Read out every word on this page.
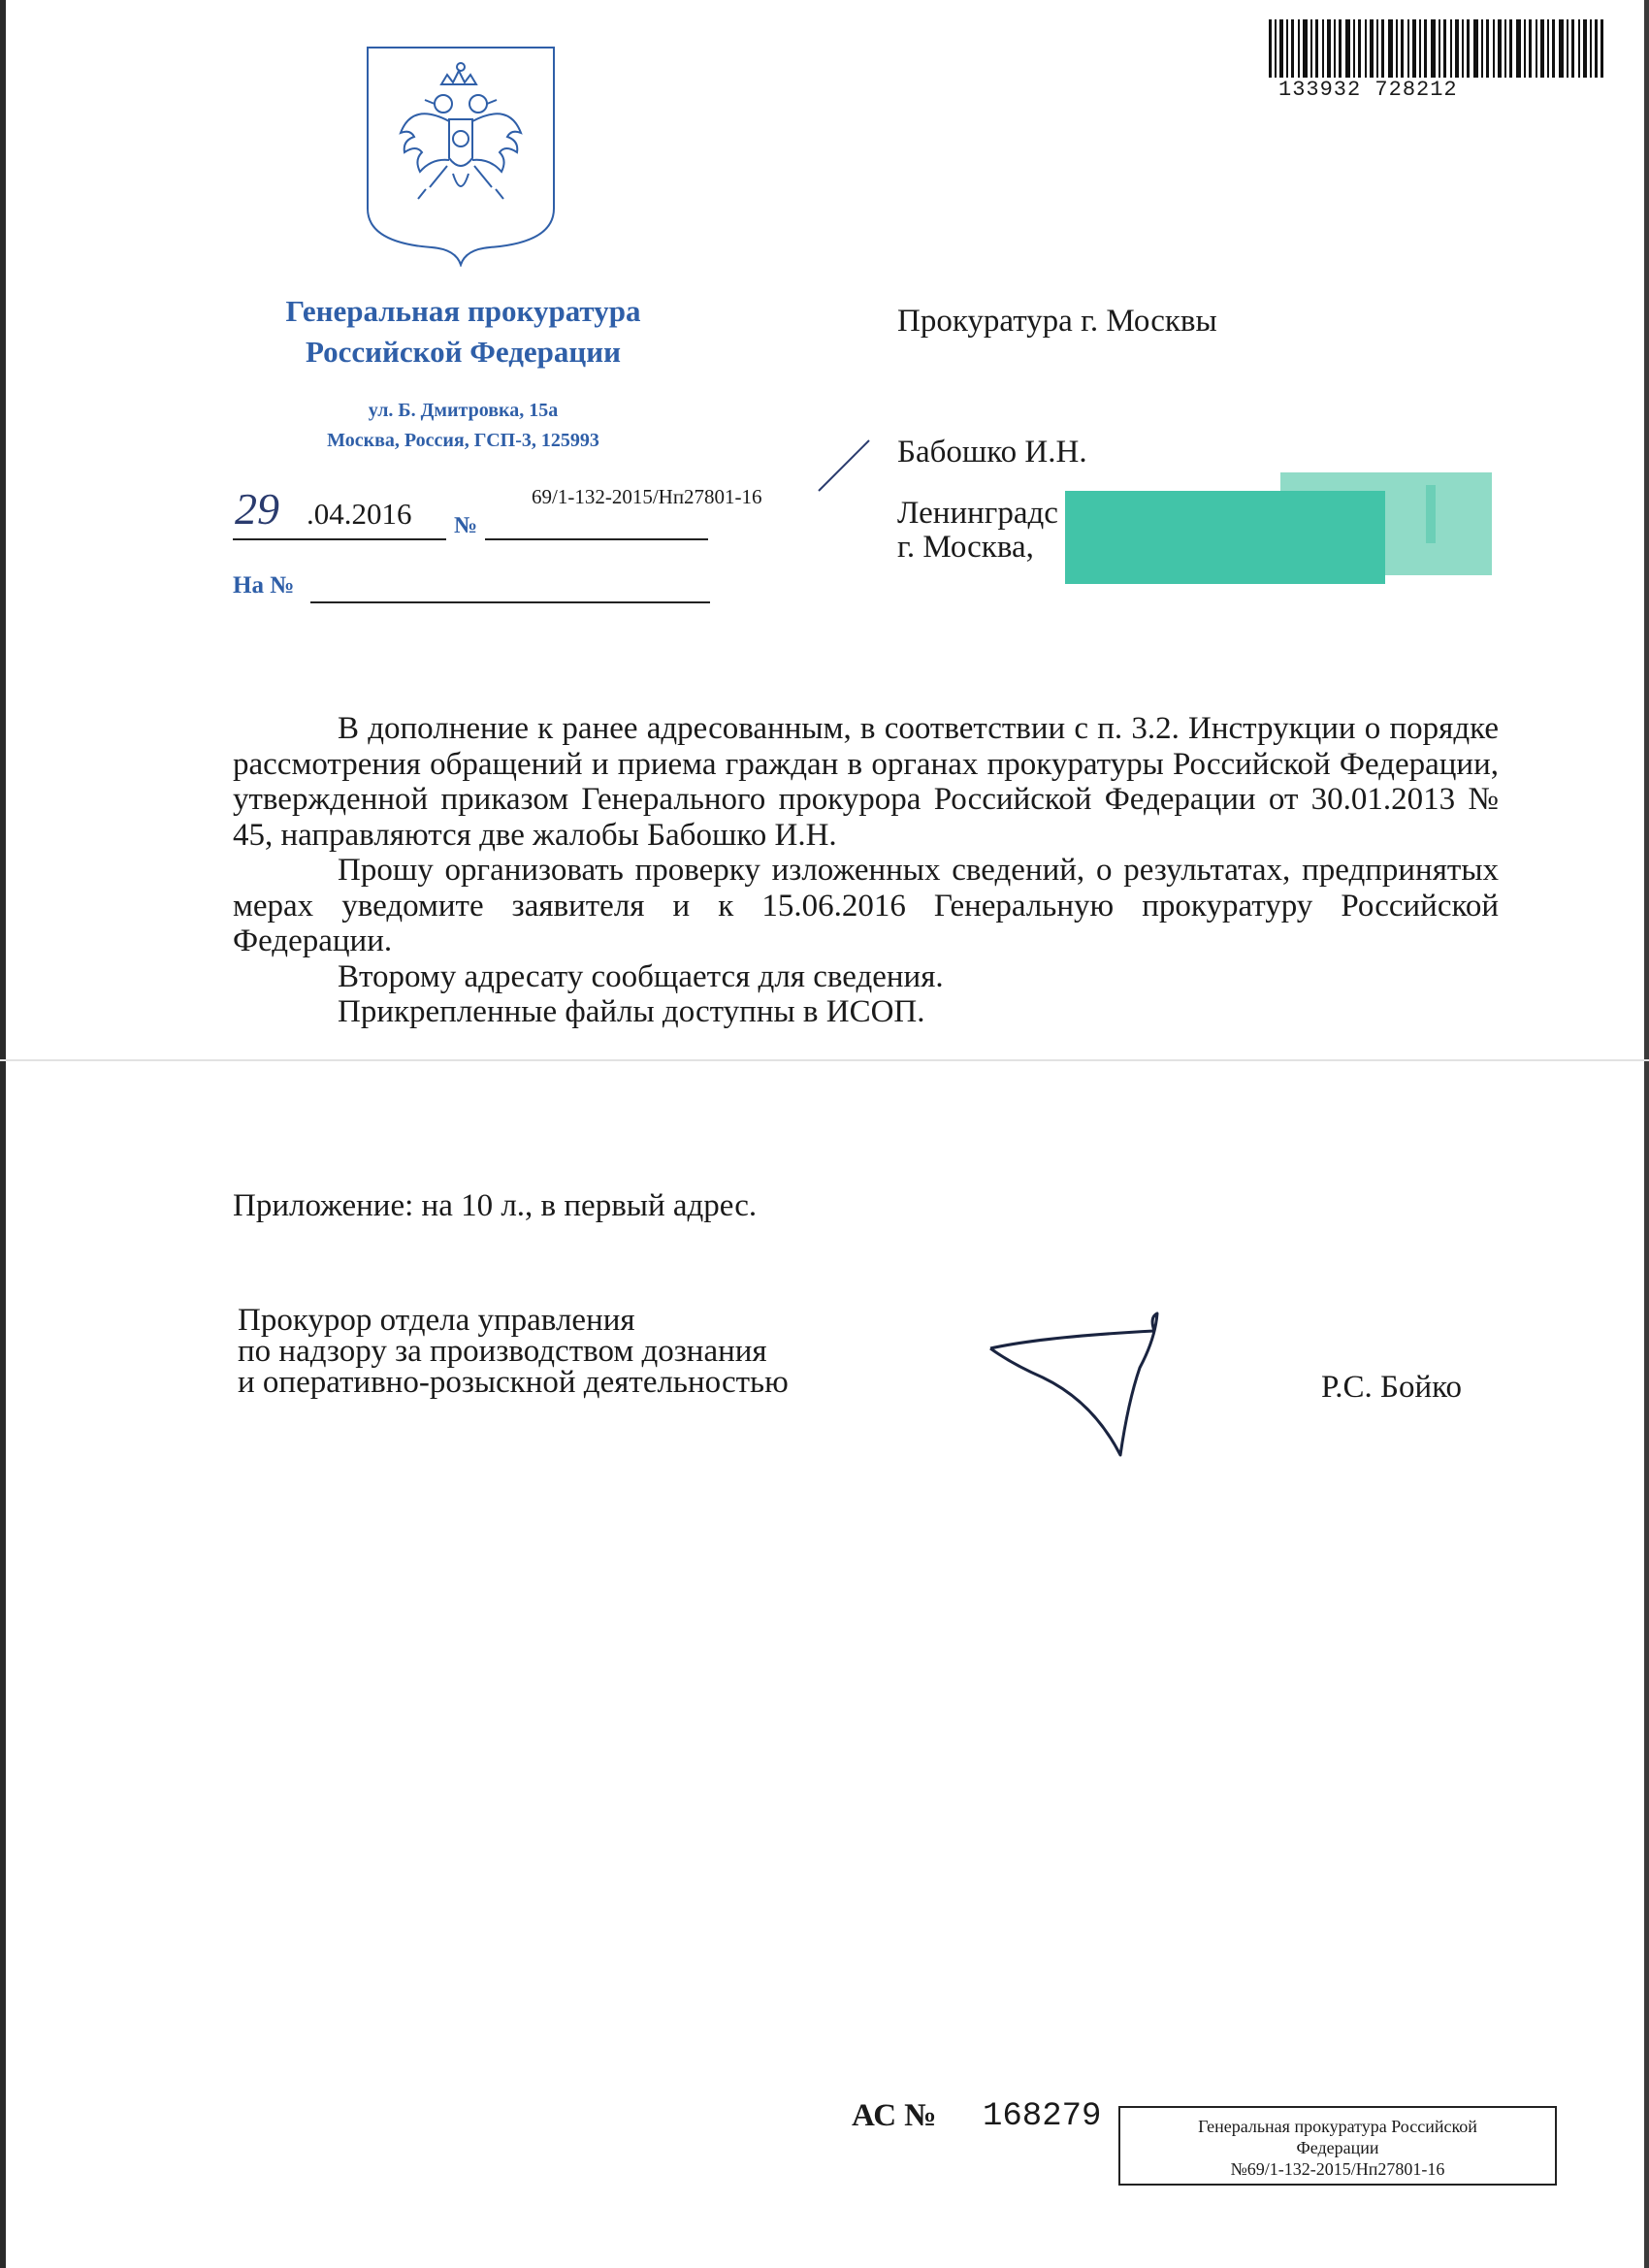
133932 728212
Генеральная прокуратура
Российской Федерации
ул. Б. Дмитровка, 15а
Москва, Россия, ГСП-3, 125993
29 .04.2016 №
69/1-132-2015/Нп27801-16
На №
Прокуратура г. Москвы
Бабошко И.Н.
Ленинградс
г. Москва,

В дополнение к ранее адресованным, в соответствии с п. 3.2. Инструкции о порядке рассмотрения обращений и приема граждан в органах прокуратуры Российской Федерации, утвержденной приказом Генерального прокурора Российской Федерации от 30.01.2013 № 45, направляются две жалобы Бабошко И.Н.

Прошу организовать проверку изложенных сведений, о результатах, предпринятых мерах уведомите заявителя и к 15.06.2016 Генеральную прокуратуру Российской Федерации.

Второму адресату сообщается для сведения.

Прикрепленные файлы доступны в ИСОП.

Приложение: на 10 л., в первый адрес.
Прокурор отдела управления
по надзору за производством дознания
и оперативно-розыскной деятельностью	Р.С. Бойко
АС № 168279	Генеральная прокуратура Российской
Федерации
№69/1-132-2015/Нп27801-16
